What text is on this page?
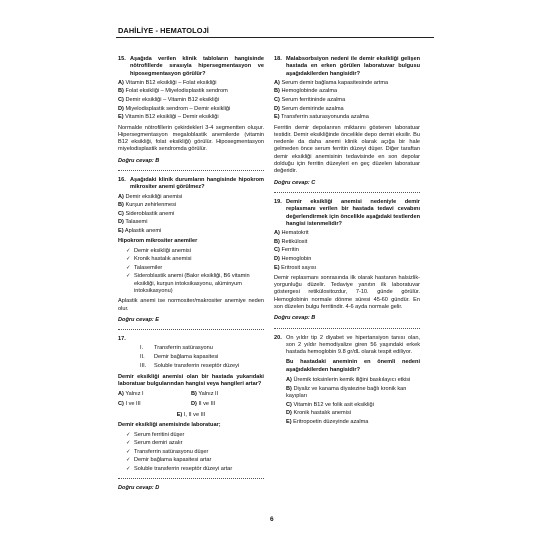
DAHİLİYE - HEMATOLOJİ
15. Aşağıda verilen klinik tabloların hangisinde nötrofillerde sırasıyla hipersegmentasyon ve hiposegmentasyon görülür?
A) Vitamin B12 eksikliği – Folat eksikliği
B) Folat eksikliği – Miyelodisplastik sendrom
C) Demir eksikliği – Vitamin B12 eksikliği
D) Miyelodisplastik sendrom – Demir eksikliği
E) Vitamin B12 eksikliği – Demir eksikliği
Normalde nötrofillerin çekirdekleri 3-4 segmentten oluşur. Hipersegmentasyon megaloblastik anemilerde (vitamin B12 eksikliği, folat eksikliği) görülür. Hiposegmentasyon miyelodisplastik sendromda görülür.
Doğru cevap: B
16. Aşağıdaki klinik durumların hangisinde hipokrom mikrositer anemi görülmez?
A) Demir eksikliği anemisi
B) Kurşun zehirlenmesi
C) Sideroblastik anemi
D) Talasemi
E) Aplastik anemi
Hipokrom mikrositer anemiler
✓ Demir eksikliği anemisi
✓ Kronik hastalık anemisi
✓ Talasemiler
✓ Sideroblastik anemi (Bakır eksikliği, B6 vitamin eksikliği, kurşun intoksikasyonu, alüminyum intoksikasyonu)
Aplastik anemi ise normositer/makrositer anemiye neden olur.
Doğru cevap: E
17.
I. Transferrin satürasyonu
II. Demir bağlama kapasitesi
III. Soluble transferrin reseptör düzeyi
Demir eksikliği anemisi olan bir hastada yukarıdaki laboratuar bulgularından hangisi veya hangileri artar?
A) Yalnız I	B) Yalnız II
C) I ve III	D) II ve III
E) I, II ve III
Demir eksikliği anemisinde laboratuar;
✓ Serum ferritini düşer
✓ Serum demiri azalır
✓ Transferrin satürasyonu düşer
✓ Demir bağlama kapasitesi artar
✓ Soluble transferrin reseptör düzeyi artar
Doğru cevap: D
18. Malabsorbsiyon nedeni ile demir eksikliği gelişen hastada en erken görülen laboratuvar bulgusu aşağıdakilerden hangisidir?
A) Serum demir bağlama kapasitesinde artma
B) Hemoglobinde azalma
C) Serum ferritininde azalma
D) Serum demirinde azalma
E) Transferrin saturasyonunda azalma
Ferritin demir depolarının miktarını gösteren laboratuar testidir. Demir eksikliğinde öncelikle depo demiri eksilir. Bu nedenle da daha anemi klinik olarak açığa bir hale gelmeden önce serum ferritin düzeyi düşer. Diğer taraftan demir eksikliği anemisinin tedavisinde en son depolar dolduğu için ferritin düzeyleri en geç düzelen laboratuar değeridir.
Doğru cevap: C
19. Demir eksikliği anemisi nedeniyle demir replasmanı verilen bir hastada tedavi cevabını değerlendirmek için öncelikle aşağıdaki testlerden hangisi istenmelidir?
A) Hematokrit
B) Retikülosit
C) Ferritin
D) Hemoglobin
E) Eritrosit sayısı
Demir replasmanı sonrasında ilk olarak hastanın halsizlik-yorgunluğu düzelir. Tedaviye yanıtın ilk laboratuvar göstergesi retikülositozdur, 7-10. günde görülür. Hemoglobinin normale dönme süresi 45-60 gündür. En son düzelen bulgu ferritindir. 4-6 ayda normale gelir.
Doğru cevap: B
20. On yıldır tip 2 diyabet ve hipertansiyon tanısı olan, son 2 yıldır hemodiyalize giren 56 yaşındaki erkek hastada hemoglobin 9.8 gr/dL olarak tespit ediliyor.
Bu hastadaki aneminin en önemli nedeni aşağıdakilerden hangisidir?
A) Üremik toksinlerin kemik iliğini baskılayıcı etkisi
B) Diyaliz ve kanama diyatezine bağlı kronik kan kayıpları
C) Vitamin B12 ve folik asit eksikliği
D) Kronik hastalık anemisi
E) Eritropoetin düzeyinde azalma
6
